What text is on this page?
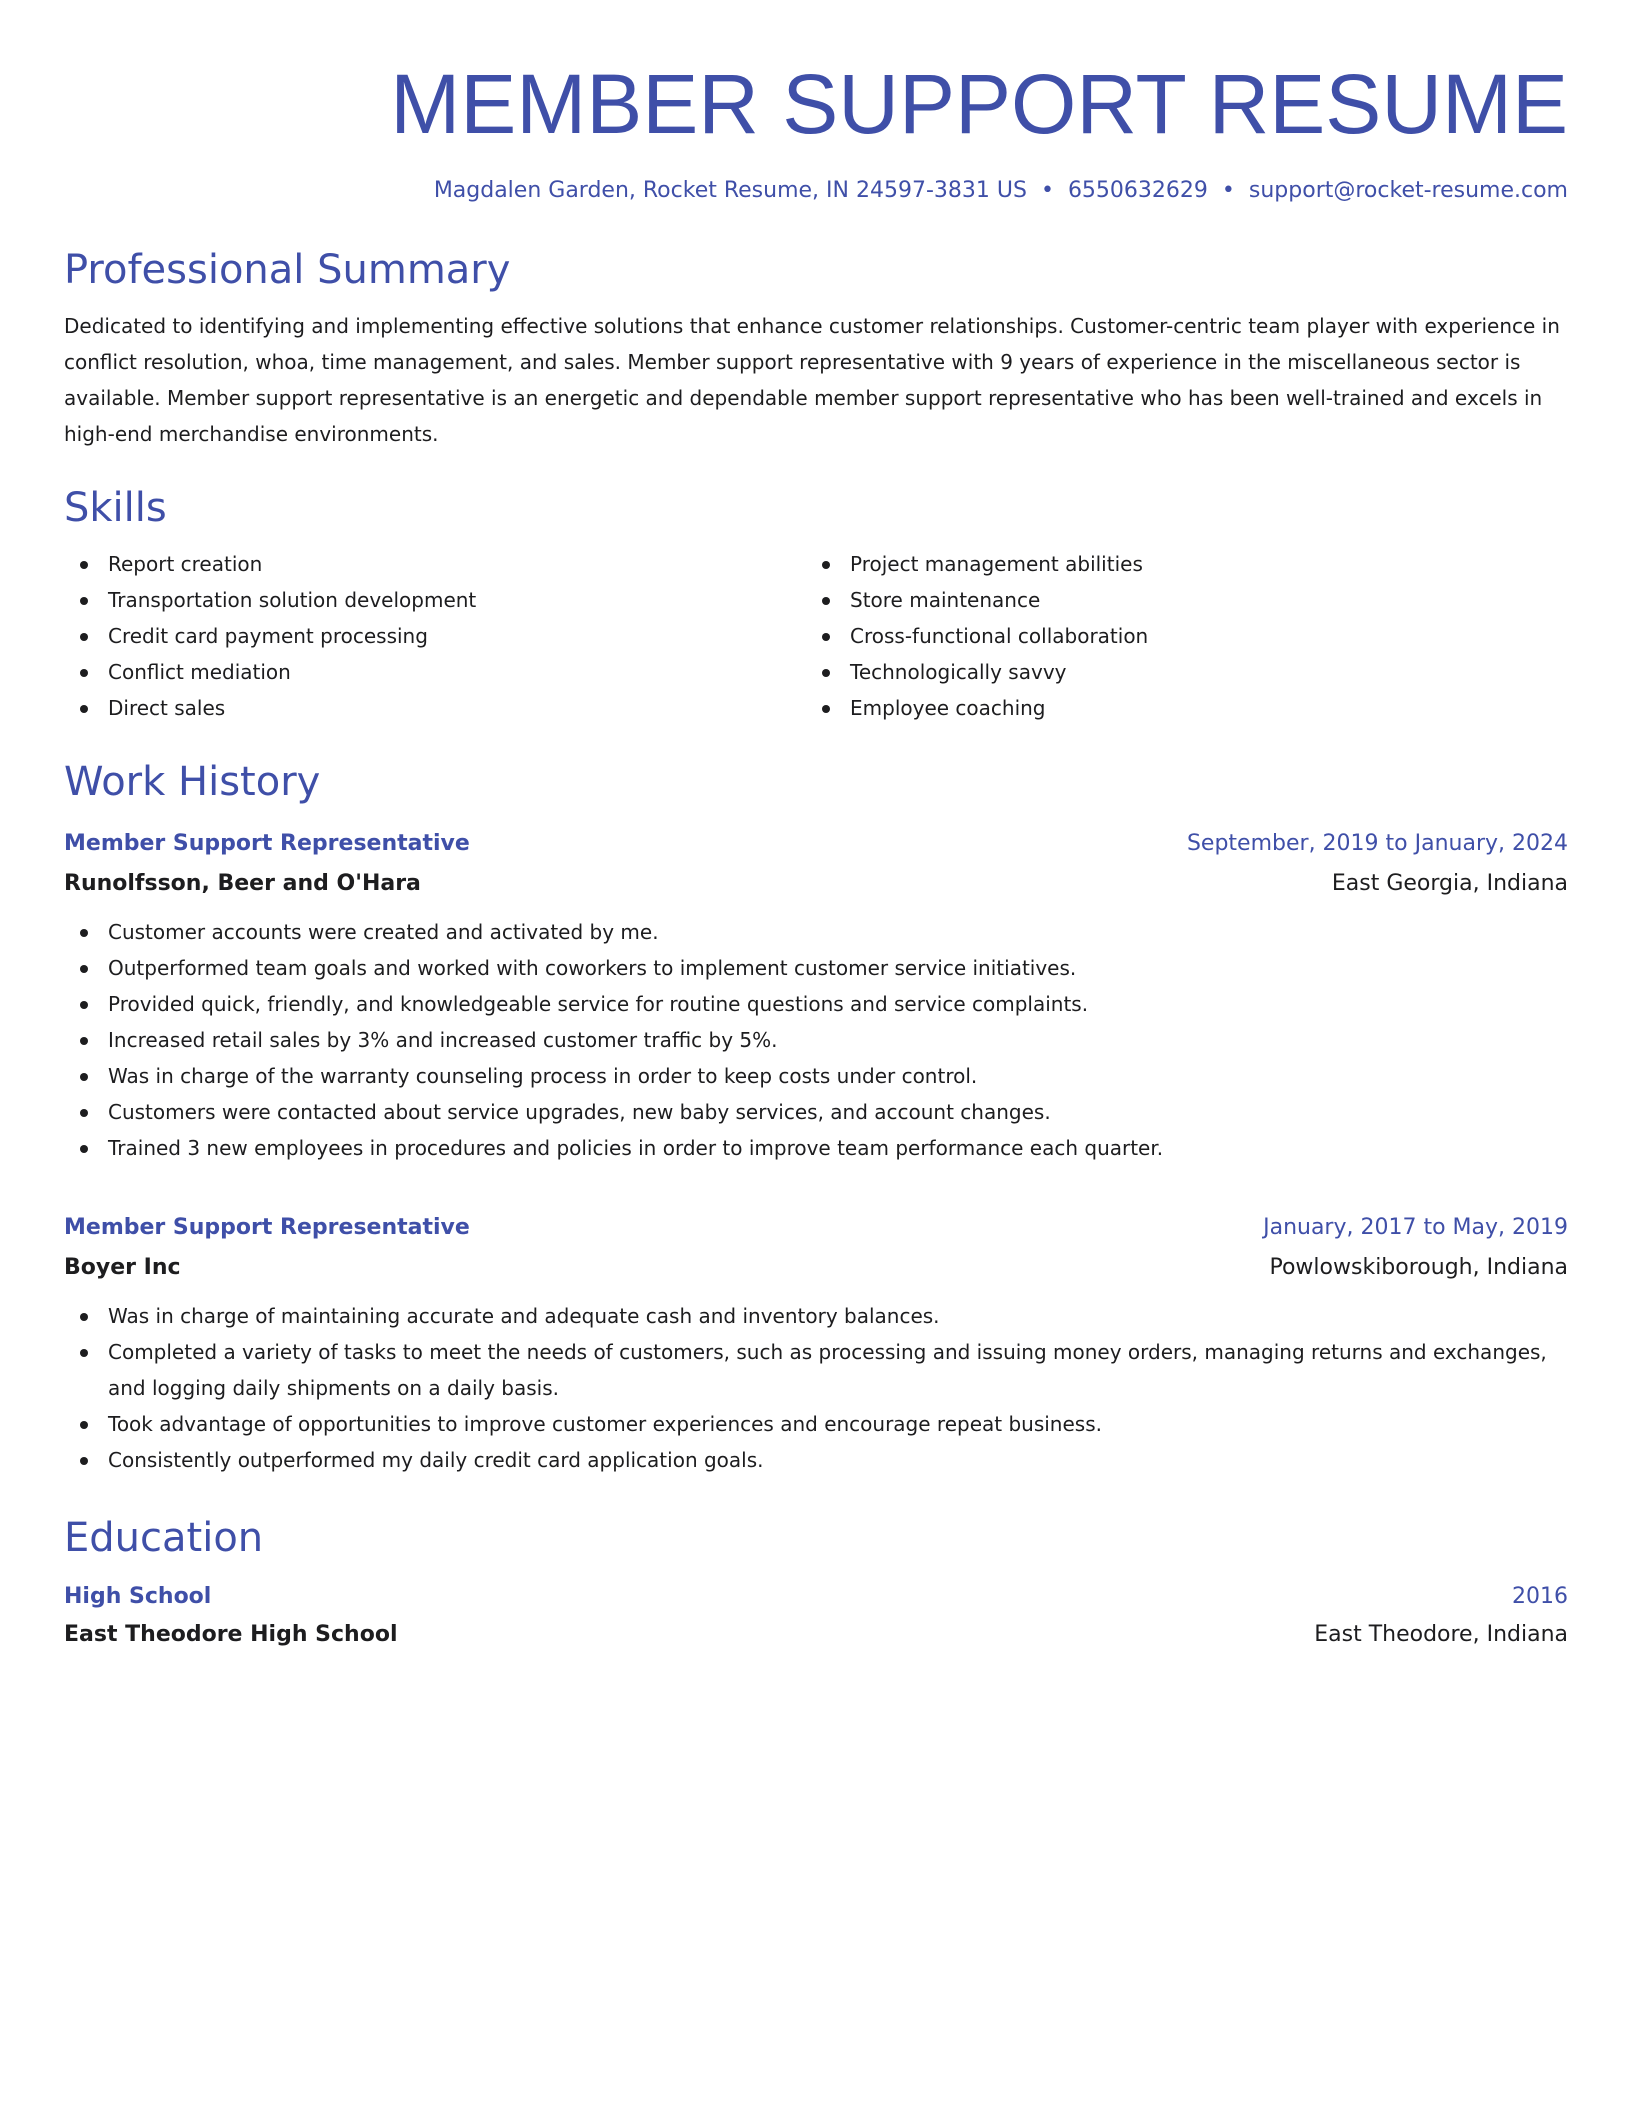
MEMBER SUPPORT RESUME
Magdalen Garden, Rocket Resume, IN 24597-3831 US • 6550632629 • support@rocket-resume.com
Professional Summary
Dedicated to identifying and implementing effective solutions that enhance customer relationships. Customer-centric team player with experience in conflict resolution, whoa, time management, and sales. Member support representative with 9 years of experience in the miscellaneous sector is available. Member support representative is an energetic and dependable member support representative who has been well-trained and excels in high-end merchandise environments.
Skills
Report creation
Transportation solution development
Credit card payment processing
Conflict mediation
Direct sales
Project management abilities
Store maintenance
Cross-functional collaboration
Technologically savvy
Employee coaching
Work History
Member Support Representative	September, 2019 to January, 2024
Runolfsson, Beer and O'Hara	East Georgia, Indiana
Customer accounts were created and activated by me.
Outperformed team goals and worked with coworkers to implement customer service initiatives.
Provided quick, friendly, and knowledgeable service for routine questions and service complaints.
Increased retail sales by 3% and increased customer traffic by 5%.
Was in charge of the warranty counseling process in order to keep costs under control.
Customers were contacted about service upgrades, new baby services, and account changes.
Trained 3 new employees in procedures and policies in order to improve team performance each quarter.
Member Support Representative	January, 2017 to May, 2019
Boyer Inc	Powlowskiborough, Indiana
Was in charge of maintaining accurate and adequate cash and inventory balances.
Completed a variety of tasks to meet the needs of customers, such as processing and issuing money orders, managing returns and exchanges, and logging daily shipments on a daily basis.
Took advantage of opportunities to improve customer experiences and encourage repeat business.
Consistently outperformed my daily credit card application goals.
Education
High School	2016
East Theodore High School	East Theodore, Indiana
